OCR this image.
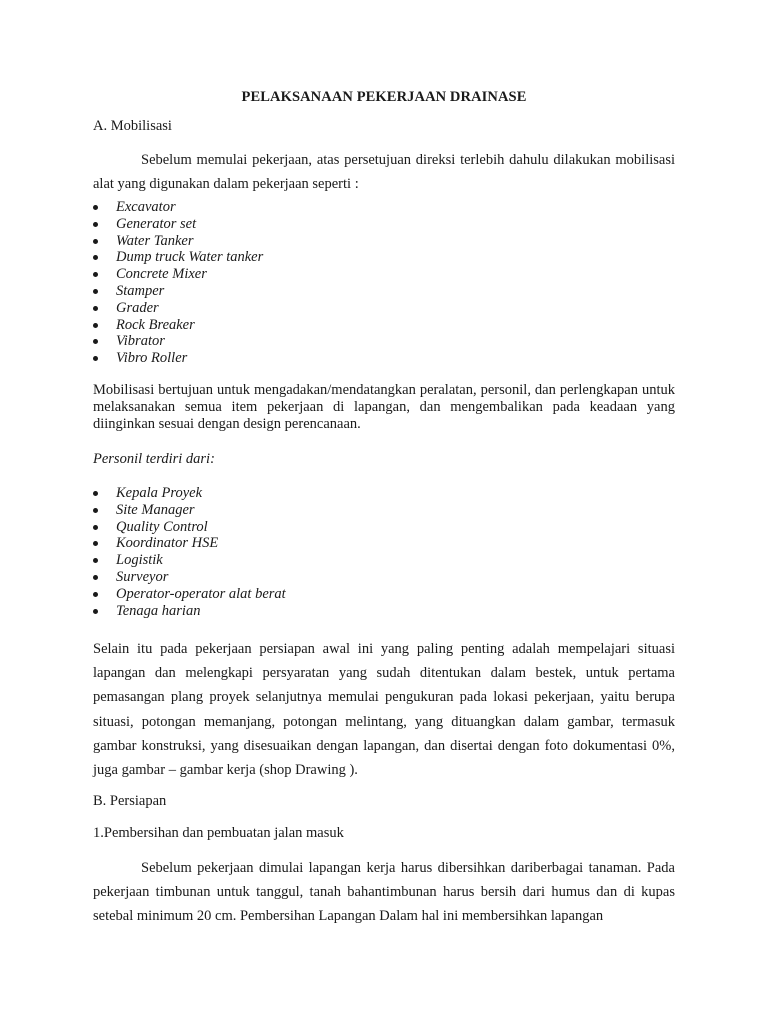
PELAKSANAAN PEKERJAAN DRAINASE
A. Mobilisasi
Sebelum memulai pekerjaan, atas persetujuan direksi terlebih dahulu dilakukan mobilisasi alat yang digunakan dalam pekerjaan seperti :
Excavator
Generator set
Water Tanker
Dump truck Water tanker
Concrete Mixer
Stamper
Grader
Rock Breaker
Vibrator
Vibro Roller
Mobilisasi bertujuan untuk mengadakan/mendatangkan peralatan, personil, dan perlengkapan untuk melaksanakan semua item pekerjaan di lapangan, dan mengembalikan pada keadaan yang diinginkan sesuai dengan design perencanaan.
Personil terdiri dari:
Kepala Proyek
Site Manager
Quality Control
Koordinator HSE
Logistik
Surveyor
Operator-operator alat berat
Tenaga harian
Selain itu pada pekerjaan persiapan awal ini yang paling penting adalah mempelajari situasi lapangan dan melengkapi persyaratan yang sudah ditentukan dalam bestek, untuk pertama pemasangan plang proyek selanjutnya memulai pengukuran pada lokasi pekerjaan, yaitu berupa situasi, potongan memanjang, potongan melintang, yang dituangkan dalam gambar, termasuk gambar konstruksi, yang disesuaikan dengan lapangan, dan disertai dengan foto dokumentasi 0%, juga gambar – gambar kerja (shop Drawing ).
B. Persiapan
1.Pembersihan dan pembuatan jalan masuk
Sebelum pekerjaan dimulai lapangan kerja harus dibersihkan dariberbagai tanaman. Pada pekerjaan timbunan untuk tanggul, tanah bahantimbunan harus bersih dari humus dan di kupas setebal minimum 20 cm. Pembersihan Lapangan Dalam hal ini membersihkan lapangan
